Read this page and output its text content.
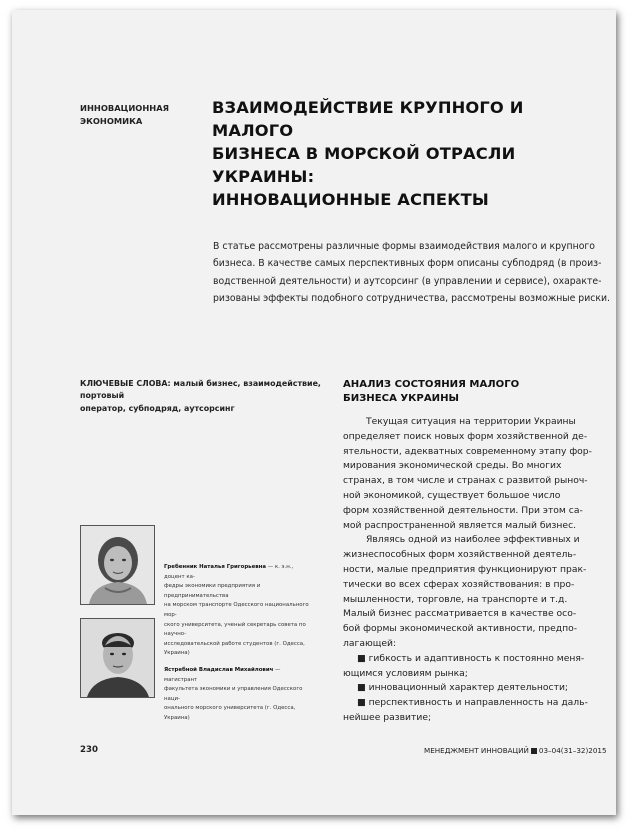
ИННОВАЦИОННАЯ
ЭКОНОМИКА
ВЗАИМОДЕЙСТВИЕ КРУПНОГО И МАЛОГО
БИЗНЕСА В МОРСКОЙ ОТРАСЛИ УКРАИНЫ:
ИННОВАЦИОННЫЕ АСПЕКТЫ
В статье рассмотрены различные формы взаимодействия малого и крупного
бизнеса. В качестве самых перспективных форм описаны субподряд (в произ-
водственной деятельности) и аутсорсинг (в управлении и сервисе), охаракте-
ризованы эффекты подобного сотрудничества, рассмотрены возможные риски.
КЛЮЧЕВЫЕ СЛОВА: малый бизнес, взаимодействие, портовый
оператор, субподряд, аутсорсинг
АНАЛИЗ СОСТОЯНИЯ МАЛОГО
БИЗНЕСА УКРАИНЫ
Текущая ситуация на территории Украины
определяет поиск новых форм хозяйственной де-
ятельности, адекватных современному этапу фор-
мирования экономической среды. Во многих
странах, в том числе и странах с развитой рыноч-
ной экономикой, существует большое число
форм хозяйственной деятельности. При этом са-
мой распространенной является малый бизнес.
Являясь одной из наиболее эффективных и
жизнеспособных форм хозяйственной деятель-
ности, малые предприятия функционируют прак-
тически во всех сферах хозяйствования: в про-
мышленности, торговле, на транспорте и т.д.
Малый бизнес рассматривается в качестве осо-
бой формы экономической активности, предпо-
лагающей:
■ гибкость и адаптивность к постоянно меня-
ющимся условиям рынка;
■ инновационный характер деятельности;
■ перспективность и направленность на даль-
нейшее развитие;
Гребенник Наталья Григорьевна — к. э.н., доцент ка-
федры экономики предприятия и предпринимательства
на морском транспорте Одесского национального мор-
ского университета, ученый секретарь совета по научно-
исследовательской работе студентов (г. Одесса, Украина)
Ястребной Владислав Михайлович — магистрант
факультета экономики и управления Одесского наци-
онального морского университета (г. Одесса, Украина)
230	МЕНЕДЖМЕНТ ИННОВАЦИЙ 03–04(31–32)2015
